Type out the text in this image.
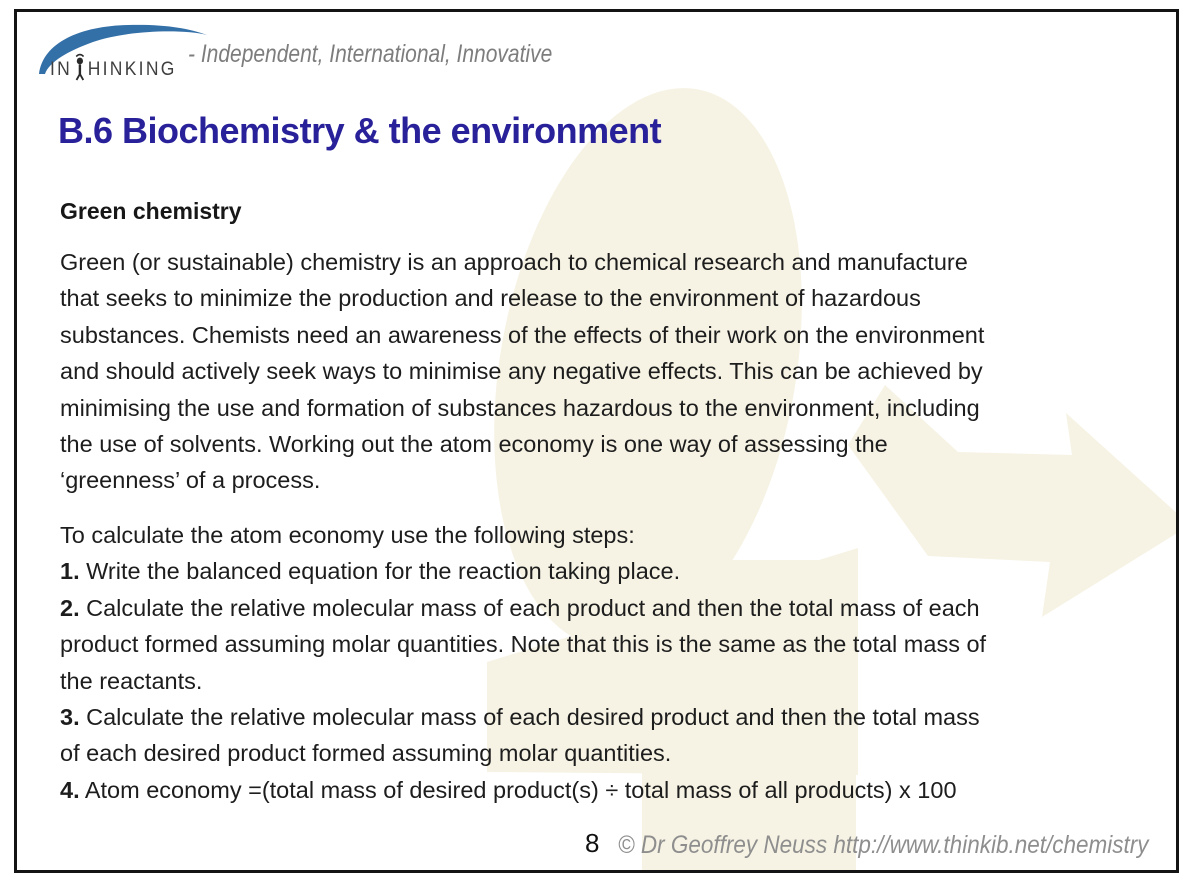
IN HINKING
- Independent, International, Innovative
B.6 Biochemistry & the environment
Green chemistry
Green (or sustainable) chemistry is an approach to chemical research and manufacture
that seeks to minimize the production and release to the environment of hazardous
substances. Chemists need an awareness of the effects of their work on the environment
and should actively seek ways to minimise any negative effects. This can be achieved by
minimising the use and formation of substances hazardous to the environment, including
the use of solvents. Working out the atom economy is one way of assessing the
‘greenness’ of a process.
To calculate the atom economy use the following steps:
1. Write the balanced equation for the reaction taking place.
2. Calculate the relative molecular mass of each product and then the total mass of each
product formed assuming molar quantities. Note that this is the same as the total mass of
the reactants.
3. Calculate the relative molecular mass of each desired product and then the total mass
of each desired product formed assuming molar quantities.
4. Atom economy =(total mass of desired product(s) ÷ total mass of all products) x 100
8 © Dr Geoffrey Neuss http://www.thinkib.net/chemistry
